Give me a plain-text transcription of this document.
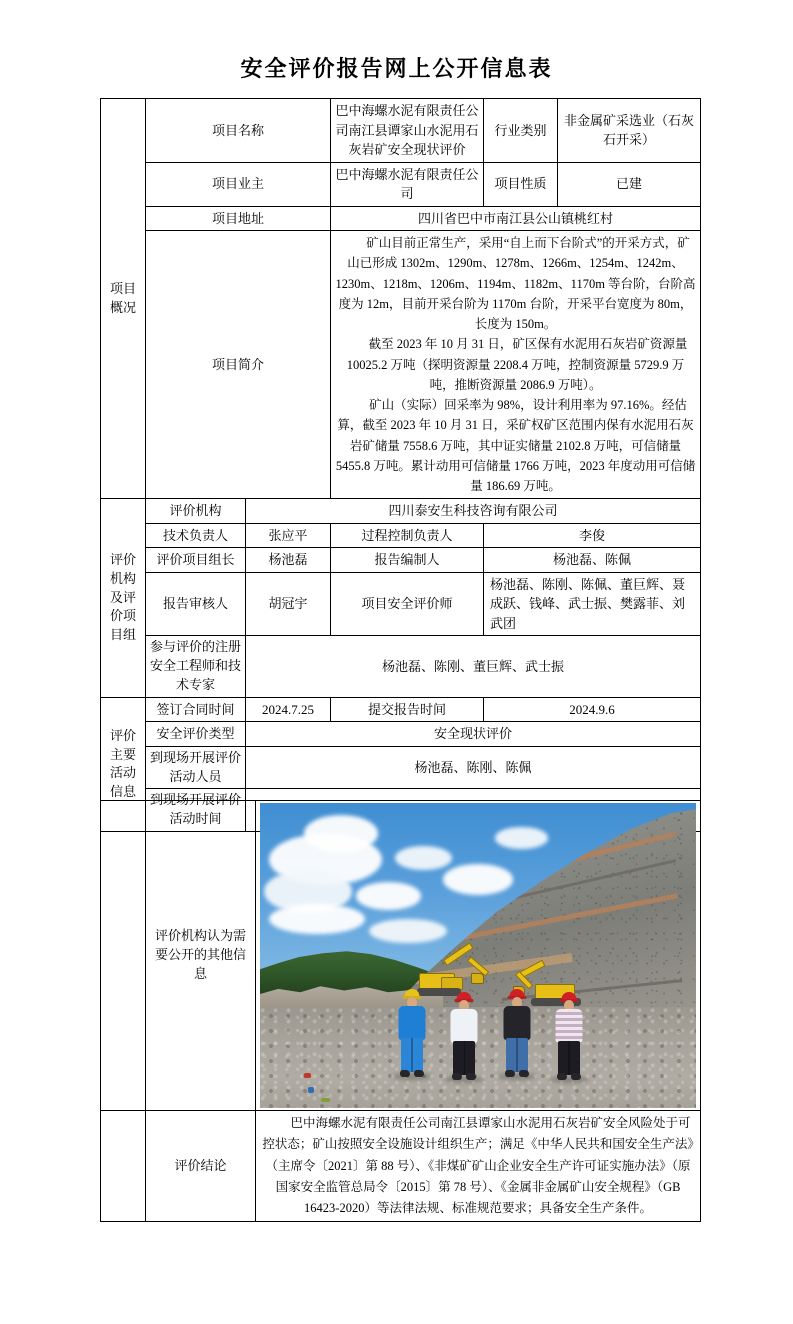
安全评价报告网上公开信息表
项目概况	项目名称		巴中海螺水泥有限责任公司南江县谭家山水泥用石灰岩矿安全现状评价	行业类别	非金属矿采选业（石灰石开采）
	项目业主		巴中海螺水泥有限责任公司	项目性质	已建
	项目地址		四川省巴中市南江县公山镇桃红村		
	项目简介		矿山目前正常生产，采用“自上而下台阶式”的开采方式，矿山已形成 1302m、1290m、1278m、1266m、1254m、1242m、1230m、1218m、1206m、1194m、1182m、1170m 等台阶，台阶高度为 12m，目前开采台阶为 1170m 台阶，开采平台宽度为 80m，长度为 150m。

截至 2023 年 10 月 31 日，矿区保有水泥用石灰岩矿资源量 10025.2 万吨（探明资源量 2208.4 万吨，控制资源量 5729.9 万吨，推断资源量 2086.9 万吨）。

矿山（实际）回采率为 98%，设计利用率为 97.16%。经估算，截至 2023 年 10 月 31 日，采矿权矿区范围内保有水泥用石灰岩矿储量 7558.6 万吨，其中证实储量 2102.8 万吨，可信储量 5455.8 万吨。累计动用可信储量 1766 万吨，2023 年度动用可信储量 186.69 万吨。		

评价机构及评价项目组	评价机构	四川泰安生科技咨询有限公司			
	技术负责人	张应平	过程控制负责人	李俊	
	评价项目组长	杨池磊	报告编制人	杨池磊、陈佩	
	报告审核人	胡冠宇	项目安全评价师	杨池磊、陈刚、陈佩、董巨辉、聂成跃、钱峰、武士振、樊露菲、刘武团	
	参与评价的注册安全工程师和技术专家	杨池磊、陈刚、董巨辉、武士振			
评价主要活动信息	签订合同时间	2024.7.25	提交报告时间	2024.9.6	
	安全评价类型	安全现状评价			
	到现场开展评价活动人员	杨池磊、陈刚、陈佩			
	到现场开展评价活动时间	
	评价机构认为需要公开的其他信息	

	评价结论	巴中海螺水泥有限责任公司南江县谭家山水泥用石灰岩矿安全风险处于可控状态；矿山按照安全设施设计组织生产；满足《中华人民共和国安全生产法》（主席令〔2021〕第 88 号）、《非煤矿矿山企业安全生产许可证实施办法》（原国家安全监管总局令〔2015〕第 78 号）、《金属非金属矿山安全规程》（GB 16423-2020）等法律法规、标准规范要求；具备安全生产条件。
